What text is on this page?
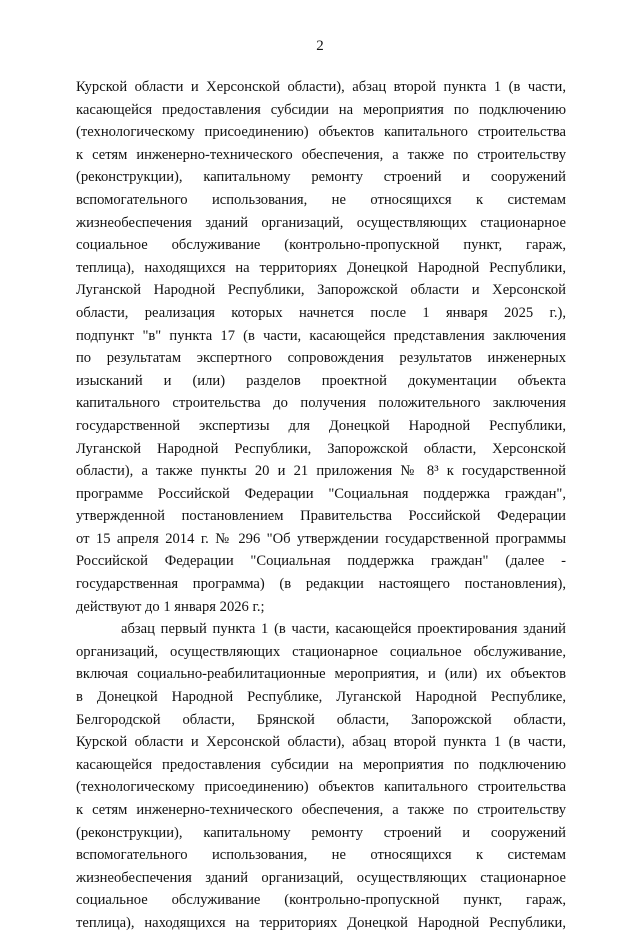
2
Курской области и Херсонской области), абзац второй пункта 1 (в части,
касающейся предоставления субсидии на мероприятия по подключению
(технологическому присоединению) объектов капитального строительства
к сетям инженерно-технического обеспечения, а также по строительству
(реконструкции), капитальному ремонту строений и сооружений
вспомогательного использования, не относящихся к системам
жизнеобеспечения зданий организаций, осуществляющих стационарное
социальное обслуживание (контрольно-пропускной пункт, гараж,
теплица), находящихся на территориях Донецкой Народной Республики,
Луганской Народной Республики, Запорожской области и Херсонской
области, реализация которых начнется после 1 января 2025 г.),
подпункт "в" пункта 17 (в части, касающейся представления заключения
по результатам экспертного сопровождения результатов инженерных
изысканий и (или) разделов проектной документации объекта
капитального строительства до получения положительного заключения
государственной экспертизы для Донецкой Народной Республики,
Луганской Народной Республики, Запорожской области, Херсонской
области), а также пункты 20 и 21 приложения № 8³ к государственной
программе Российской Федерации "Социальная поддержка граждан",
утвержденной постановлением Правительства Российской Федерации
от 15 апреля 2014 г. № 296 "Об утверждении государственной программы
Российской Федерации "Социальная поддержка граждан" (далее -
государственная программа) (в редакции настоящего постановления),
действуют до 1 января 2026 г.;
абзац первый пункта 1 (в части, касающейся проектирования зданий
организаций, осуществляющих стационарное социальное обслуживание,
включая социально-реабилитационные мероприятия, и (или) их объектов
в Донецкой Народной Республике, Луганской Народной Республике,
Белгородской области, Брянской области, Запорожской области,
Курской области и Херсонской области), абзац второй пункта 1 (в части,
касающейся предоставления субсидии на мероприятия по подключению
(технологическому присоединению) объектов капитального строительства
к сетям инженерно-технического обеспечения, а также по строительству
(реконструкции), капитальному ремонту строений и сооружений
вспомогательного использования, не относящихся к системам
жизнеобеспечения зданий организаций, осуществляющих стационарное
социальное обслуживание (контрольно-пропускной пункт, гараж,
теплица), находящихся на территориях Донецкой Народной Республики,
